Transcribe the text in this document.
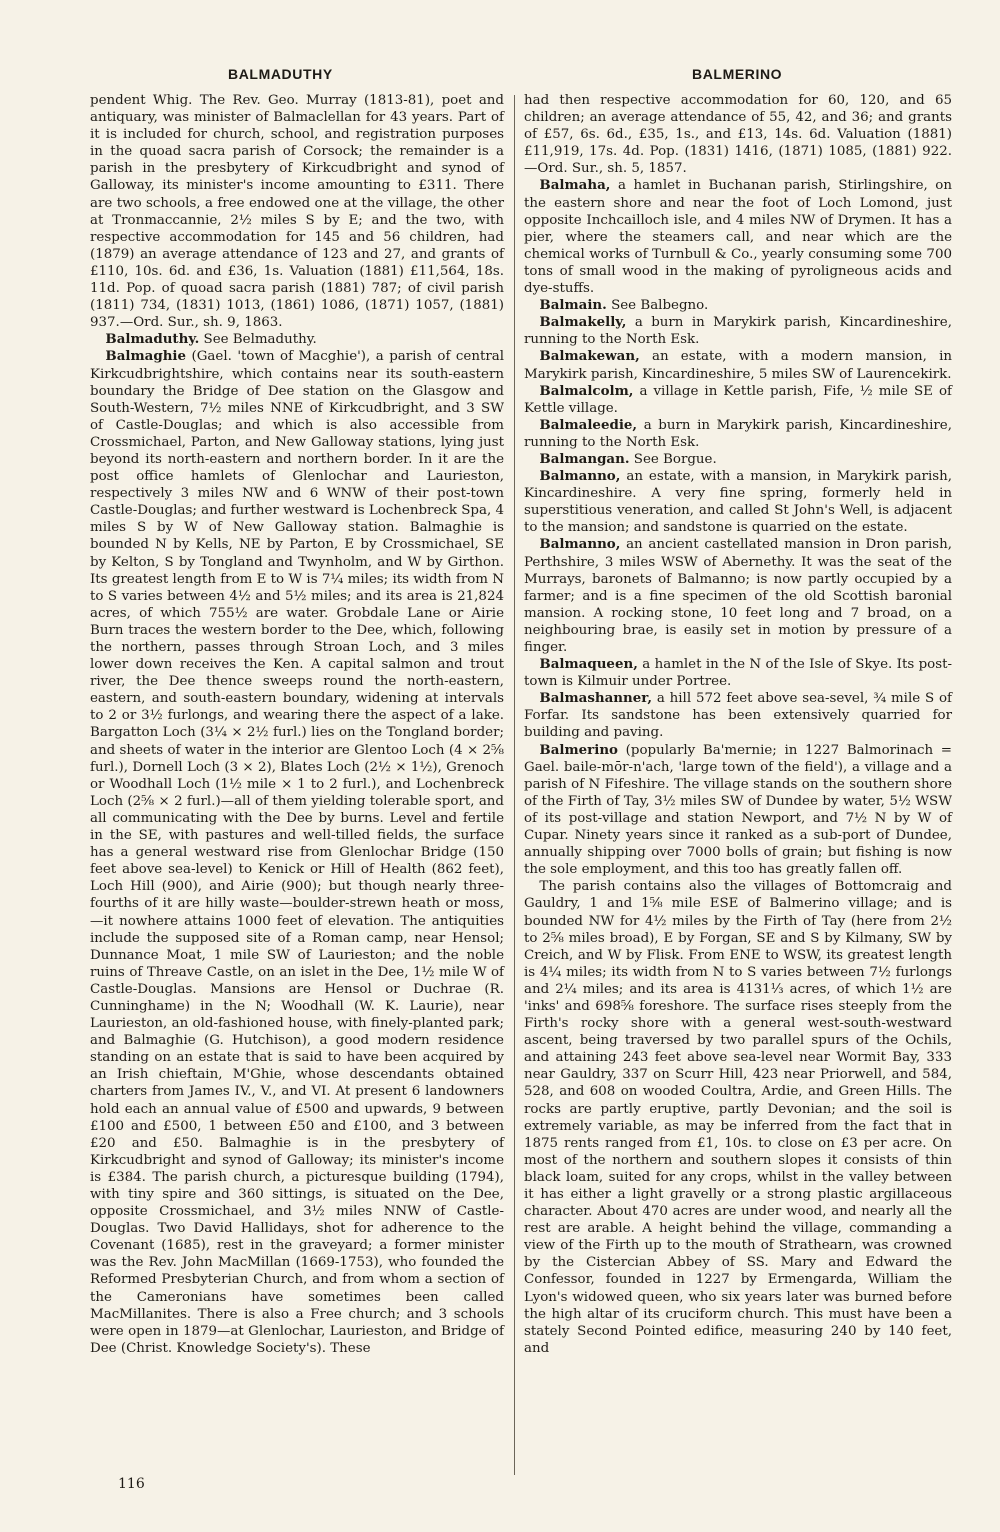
BALMADUTHY	BALMERINO

pendent Whig. The Rev. Geo. Murray (1813-81), poet and antiquary, was minister of Balmaclellan for 43 years. Part of it is included for church, school, and registration purposes in the quoad sacra parish of Corsock; the remainder is a parish in the presbytery of Kirkcudbright and synod of Galloway, its minister's income amounting to £311. There are two schools, a free endowed one at the village, the other at Tronmaccannie, 2½ miles S by E; and the two, with respective accommodation for 145 and 56 children, had (1879) an average attendance of 123 and 27, and grants of £110, 10s. 6d. and £36, 1s. Valuation (1881) £11,564, 18s. 11d. Pop. of quoad sacra parish (1881) 787; of civil parish (1811) 734, (1831) 1013, (1861) 1086, (1871) 1057, (1881) 937.—Ord. Sur., sh. 9, 1863.

Balmaduthy. See Belmaduthy.

Balmaghie (Gael. 'town of Macghie'), a parish of central Kirkcudbrightshire, which contains near its south-eastern boundary the Bridge of Dee station on the Glasgow and South-Western, 7½ miles NNE of Kirkcudbright, and 3 SW of Castle-Douglas; and which is also accessible from Crossmichael, Parton, and New Galloway stations, lying just beyond its north-eastern and northern border. In it are the post office hamlets of Glenlochar and Laurieston, respectively 3 miles NW and 6 WNW of their post-town Castle-Douglas; and further westward is Lochenbreck Spa, 4 miles S by W of New Galloway station. Balmaghie is bounded N by Kells, NE by Parton, E by Crossmichael, SE by Kelton, S by Tongland and Twynholm, and W by Girthon. Its greatest length from E to W is 7¼ miles; its width from N to S varies between 4½ and 5½ miles; and its area is 21,824 acres, of which 755½ are water. Grobdale Lane or Airie Burn traces the western border to the Dee, which, following the northern, passes through Stroan Loch, and 3 miles lower down receives the Ken. A capital salmon and trout river, the Dee thence sweeps round the north-eastern, eastern, and south-eastern boundary, widening at intervals to 2 or 3½ furlongs, and wearing there the aspect of a lake. Bargatton Loch (3¼ × 2½ furl.) lies on the Tongland border; and sheets of water in the interior are Glentoo Loch (4 × 2⅝ furl.), Dornell Loch (3 × 2), Blates Loch (2½ × 1½), Grenoch or Woodhall Loch (1½ mile × 1 to 2 furl.), and Lochenbreck Loch (2⅝ × 2 furl.)—all of them yielding tolerable sport, and all communicating with the Dee by burns. Level and fertile in the SE, with pastures and well-tilled fields, the surface has a general westward rise from Glenlochar Bridge (150 feet above sea-level) to Kenick or Hill of Health (862 feet), Loch Hill (900), and Airie (900); but though nearly three-fourths of it are hilly waste—boulder-strewn heath or moss,—it nowhere attains 1000 feet of elevation. The antiquities include the supposed site of a Roman camp, near Hensol; Dunnance Moat, 1 mile SW of Laurieston; and the noble ruins of Threave Castle, on an islet in the Dee, 1½ mile W of Castle-Douglas. Mansions are Hensol or Duchrae (R. Cunninghame) in the N; Woodhall (W. K. Laurie), near Laurieston, an old-fashioned house, with finely-planted park; and Balmaghie (G. Hutchison), a good modern residence standing on an estate that is said to have been acquired by an Irish chieftain, M'Ghie, whose descendants obtained charters from James IV., V., and VI. At present 6 landowners hold each an annual value of £500 and upwards, 9 between £100 and £500, 1 between £50 and £100, and 3 between £20 and £50. Balmaghie is in the presbytery of Kirkcudbright and synod of Galloway; its minister's income is £384. The parish church, a picturesque building (1794), with tiny spire and 360 sittings, is situated on the Dee, opposite Crossmichael, and 3½ miles NNW of Castle-Douglas. Two David Hallidays, shot for adherence to the Covenant (1685), rest in the graveyard; a former minister was the Rev. John MacMillan (1669-1753), who founded the Reformed Presbyterian Church, and from whom a section of the Cameronians have sometimes been called MacMillanites. There is also a Free church; and 3 schools were open in 1879—at Glenlochar, Laurieston, and Bridge of Dee (Christ. Knowledge Society's). These

had then respective accommodation for 60, 120, and 65 children; an average attendance of 55, 42, and 36; and grants of £57, 6s. 6d., £35, 1s., and £13, 14s. 6d. Valuation (1881) £11,919, 17s. 4d. Pop. (1831) 1416, (1871) 1085, (1881) 922.—Ord. Sur., sh. 5, 1857.

Balmaha, a hamlet in Buchanan parish, Stirlingshire, on the eastern shore and near the foot of Loch Lomond, just opposite Inchcailloch isle, and 4 miles NW of Drymen. It has a pier, where the steamers call, and near which are the chemical works of Turnbull & Co., yearly consuming some 700 tons of small wood in the making of pyroligneous acids and dye-stuffs.

Balmain. See Balbegno.

Balmakelly, a burn in Marykirk parish, Kincardineshire, running to the North Esk.

Balmakewan, an estate, with a modern mansion, in Marykirk parish, Kincardineshire, 5 miles SW of Laurencekirk.

Balmalcolm, a village in Kettle parish, Fife, ½ mile SE of Kettle village.

Balmaleedie, a burn in Marykirk parish, Kincardineshire, running to the North Esk.

Balmangan. See Borgue.

Balmanno, an estate, with a mansion, in Marykirk parish, Kincardineshire. A very fine spring, formerly held in superstitious veneration, and called St John's Well, is adjacent to the mansion; and sandstone is quarried on the estate.

Balmanno, an ancient castellated mansion in Dron parish, Perthshire, 3 miles WSW of Abernethy. It was the seat of the Murrays, baronets of Balmanno; is now partly occupied by a farmer; and is a fine specimen of the old Scottish baronial mansion. A rocking stone, 10 feet long and 7 broad, on a neighbouring brae, is easily set in motion by pressure of a finger.

Balmaqueen, a hamlet in the N of the Isle of Skye. Its post-town is Kilmuir under Portree.

Balmashanner, a hill 572 feet above sea-sevel, ¾ mile S of Forfar. Its sandstone has been extensively quarried for building and paving.

Balmerino (popularly Ba'mernie; in 1227 Balmorinach = Gael. baile-mōr-n'ach, 'large town of the field'), a village and a parish of N Fifeshire. The village stands on the southern shore of the Firth of Tay, 3½ miles SW of Dundee by water, 5½ WSW of its post-village and station Newport, and 7½ N by W of Cupar. Ninety years since it ranked as a sub-port of Dundee, annually shipping over 7000 bolls of grain; but fishing is now the sole employment, and this too has greatly fallen off.

The parish contains also the villages of Bottomcraig and Gauldry, 1 and 1⅝ mile ESE of Balmerino village; and is bounded NW for 4½ miles by the Firth of Tay (here from 2½ to 2⅝ miles broad), E by Forgan, SE and S by Kilmany, SW by Creich, and W by Flisk. From ENE to WSW, its greatest length is 4¼ miles; its width from N to S varies between 7½ furlongs and 2¼ miles; and its area is 4131⅓ acres, of which 1½ are 'inks' and 698⅝ foreshore. The surface rises steeply from the Firth's rocky shore with a general west-south-westward ascent, being traversed by two parallel spurs of the Ochils, and attaining 243 feet above sea-level near Wormit Bay, 333 near Gauldry, 337 on Scurr Hill, 423 near Priorwell, and 584, 528, and 608 on wooded Coultra, Ardie, and Green Hills. The rocks are partly eruptive, partly Devonian; and the soil is extremely variable, as may be inferred from the fact that in 1875 rents ranged from £1, 10s. to close on £3 per acre. On most of the northern and southern slopes it consists of thin black loam, suited for any crops, whilst in the valley between it has either a light gravelly or a strong plastic argillaceous character. About 470 acres are under wood, and nearly all the rest are arable. A height behind the village, commanding a view of the Firth up to the mouth of Strathearn, was crowned by the Cistercian Abbey of SS. Mary and Edward the Confessor, founded in 1227 by Ermengarda, William the Lyon's widowed queen, who six years later was burned before the high altar of its cruciform church. This must have been a stately Second Pointed edifice, measuring 240 by 140 feet, and

116
